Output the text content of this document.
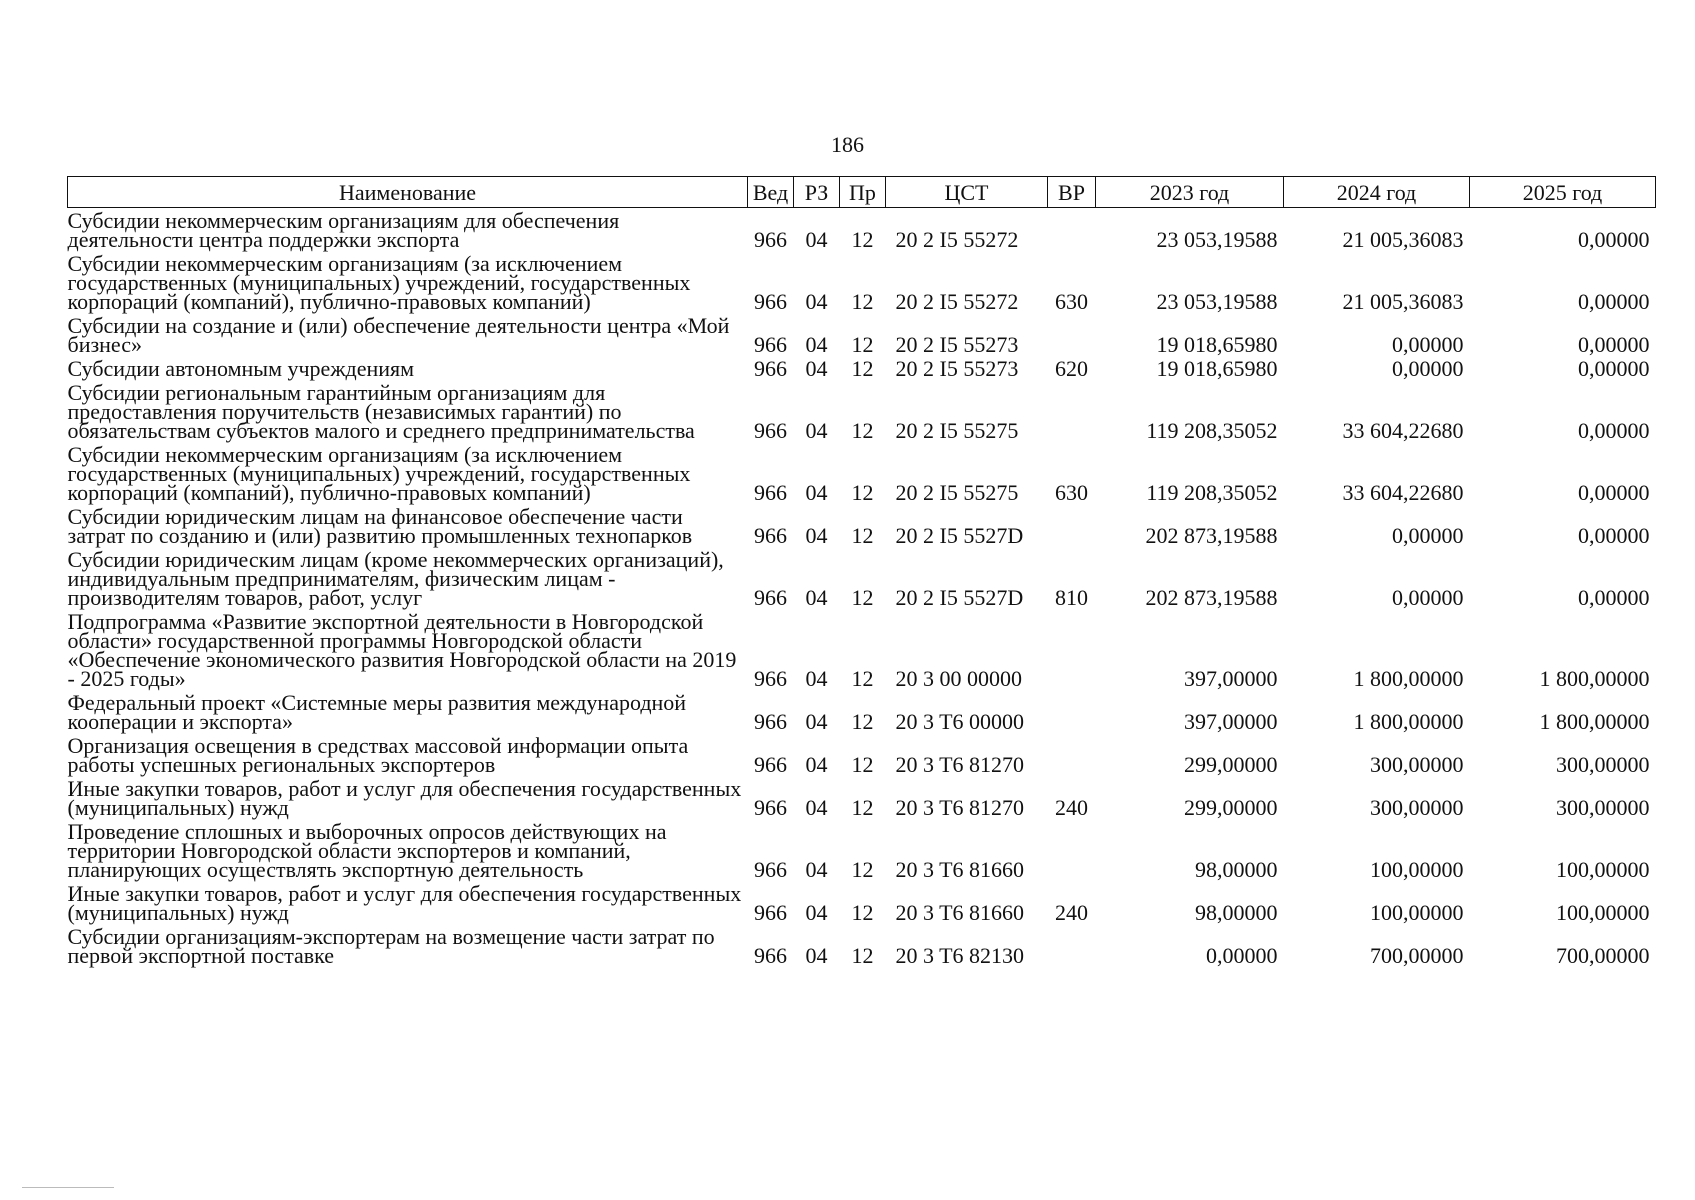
186
Наименование	Вед	РЗ	Пр	ЦСТ	ВР	2023 год	2024 год	2025 год
Субсидии некоммерческим организациям для обеспечения деятельности центра поддержки экспорта	966	04	12	20 2 I5 55272		23 053,19588	21 005,36083	0,00000
Субсидии некоммерческим организациям (за исключением государственных (муниципальных) учреждений, государственных корпораций (компаний), публично-правовых компаний)	966	04	12	20 2 I5 55272	630	23 053,19588	21 005,36083	0,00000
Субсидии на создание и (или) обеспечение деятельности центра «Мой бизнес»	966	04	12	20 2 I5 55273		19 018,65980	0,00000	0,00000
Субсидии автономным учреждениям	966	04	12	20 2 I5 55273	620	19 018,65980	0,00000	0,00000
Субсидии региональным гарантийным организациям для предоставления поручительств (независимых гарантий) по обязательствам субъектов малого и среднего предпринимательства	966	04	12	20 2 I5 55275		119 208,35052	33 604,22680	0,00000
Субсидии некоммерческим организациям (за исключением государственных (муниципальных) учреждений, государственных корпораций (компаний), публично-правовых компаний)	966	04	12	20 2 I5 55275	630	119 208,35052	33 604,22680	0,00000
Субсидии юридическим лицам на финансовое обеспечение части затрат по созданию и (или) развитию промышленных технопарков	966	04	12	20 2 I5 5527D		202 873,19588	0,00000	0,00000
Субсидии юридическим лицам (кроме некоммерческих организаций), индивидуальным предпринимателям, физическим лицам - производителям товаров, работ, услуг	966	04	12	20 2 I5 5527D	810	202 873,19588	0,00000	0,00000
Подпрограмма «Развитие экспортной деятельности в Новгородской области» государственной программы Новгородской области «Обеспечение экономического развития Новгородской области на 2019 - 2025 годы»	966	04	12	20 3 00 00000		397,00000	1 800,00000	1 800,00000
Федеральный проект «Системные меры развития международной кооперации и экспорта»	966	04	12	20 3 T6 00000		397,00000	1 800,00000	1 800,00000
Организация освещения в средствах массовой информации опыта работы успешных региональных экспортеров	966	04	12	20 3 T6 81270		299,00000	300,00000	300,00000
Иные закупки товаров, работ и услуг для обеспечения государственных (муниципальных) нужд	966	04	12	20 3 T6 81270	240	299,00000	300,00000	300,00000
Проведение сплошных и выборочных опросов действующих на территории Новгородской области экспортеров и компаний, планирующих осуществлять экспортную деятельность	966	04	12	20 3 T6 81660		98,00000	100,00000	100,00000
Иные закупки товаров, работ и услуг для обеспечения государственных (муниципальных) нужд	966	04	12	20 3 T6 81660	240	98,00000	100,00000	100,00000
Субсидии организациям-экспортерам на возмещение части затрат по первой экспортной поставке	966	04	12	20 3 T6 82130		0,00000	700,00000	700,00000
